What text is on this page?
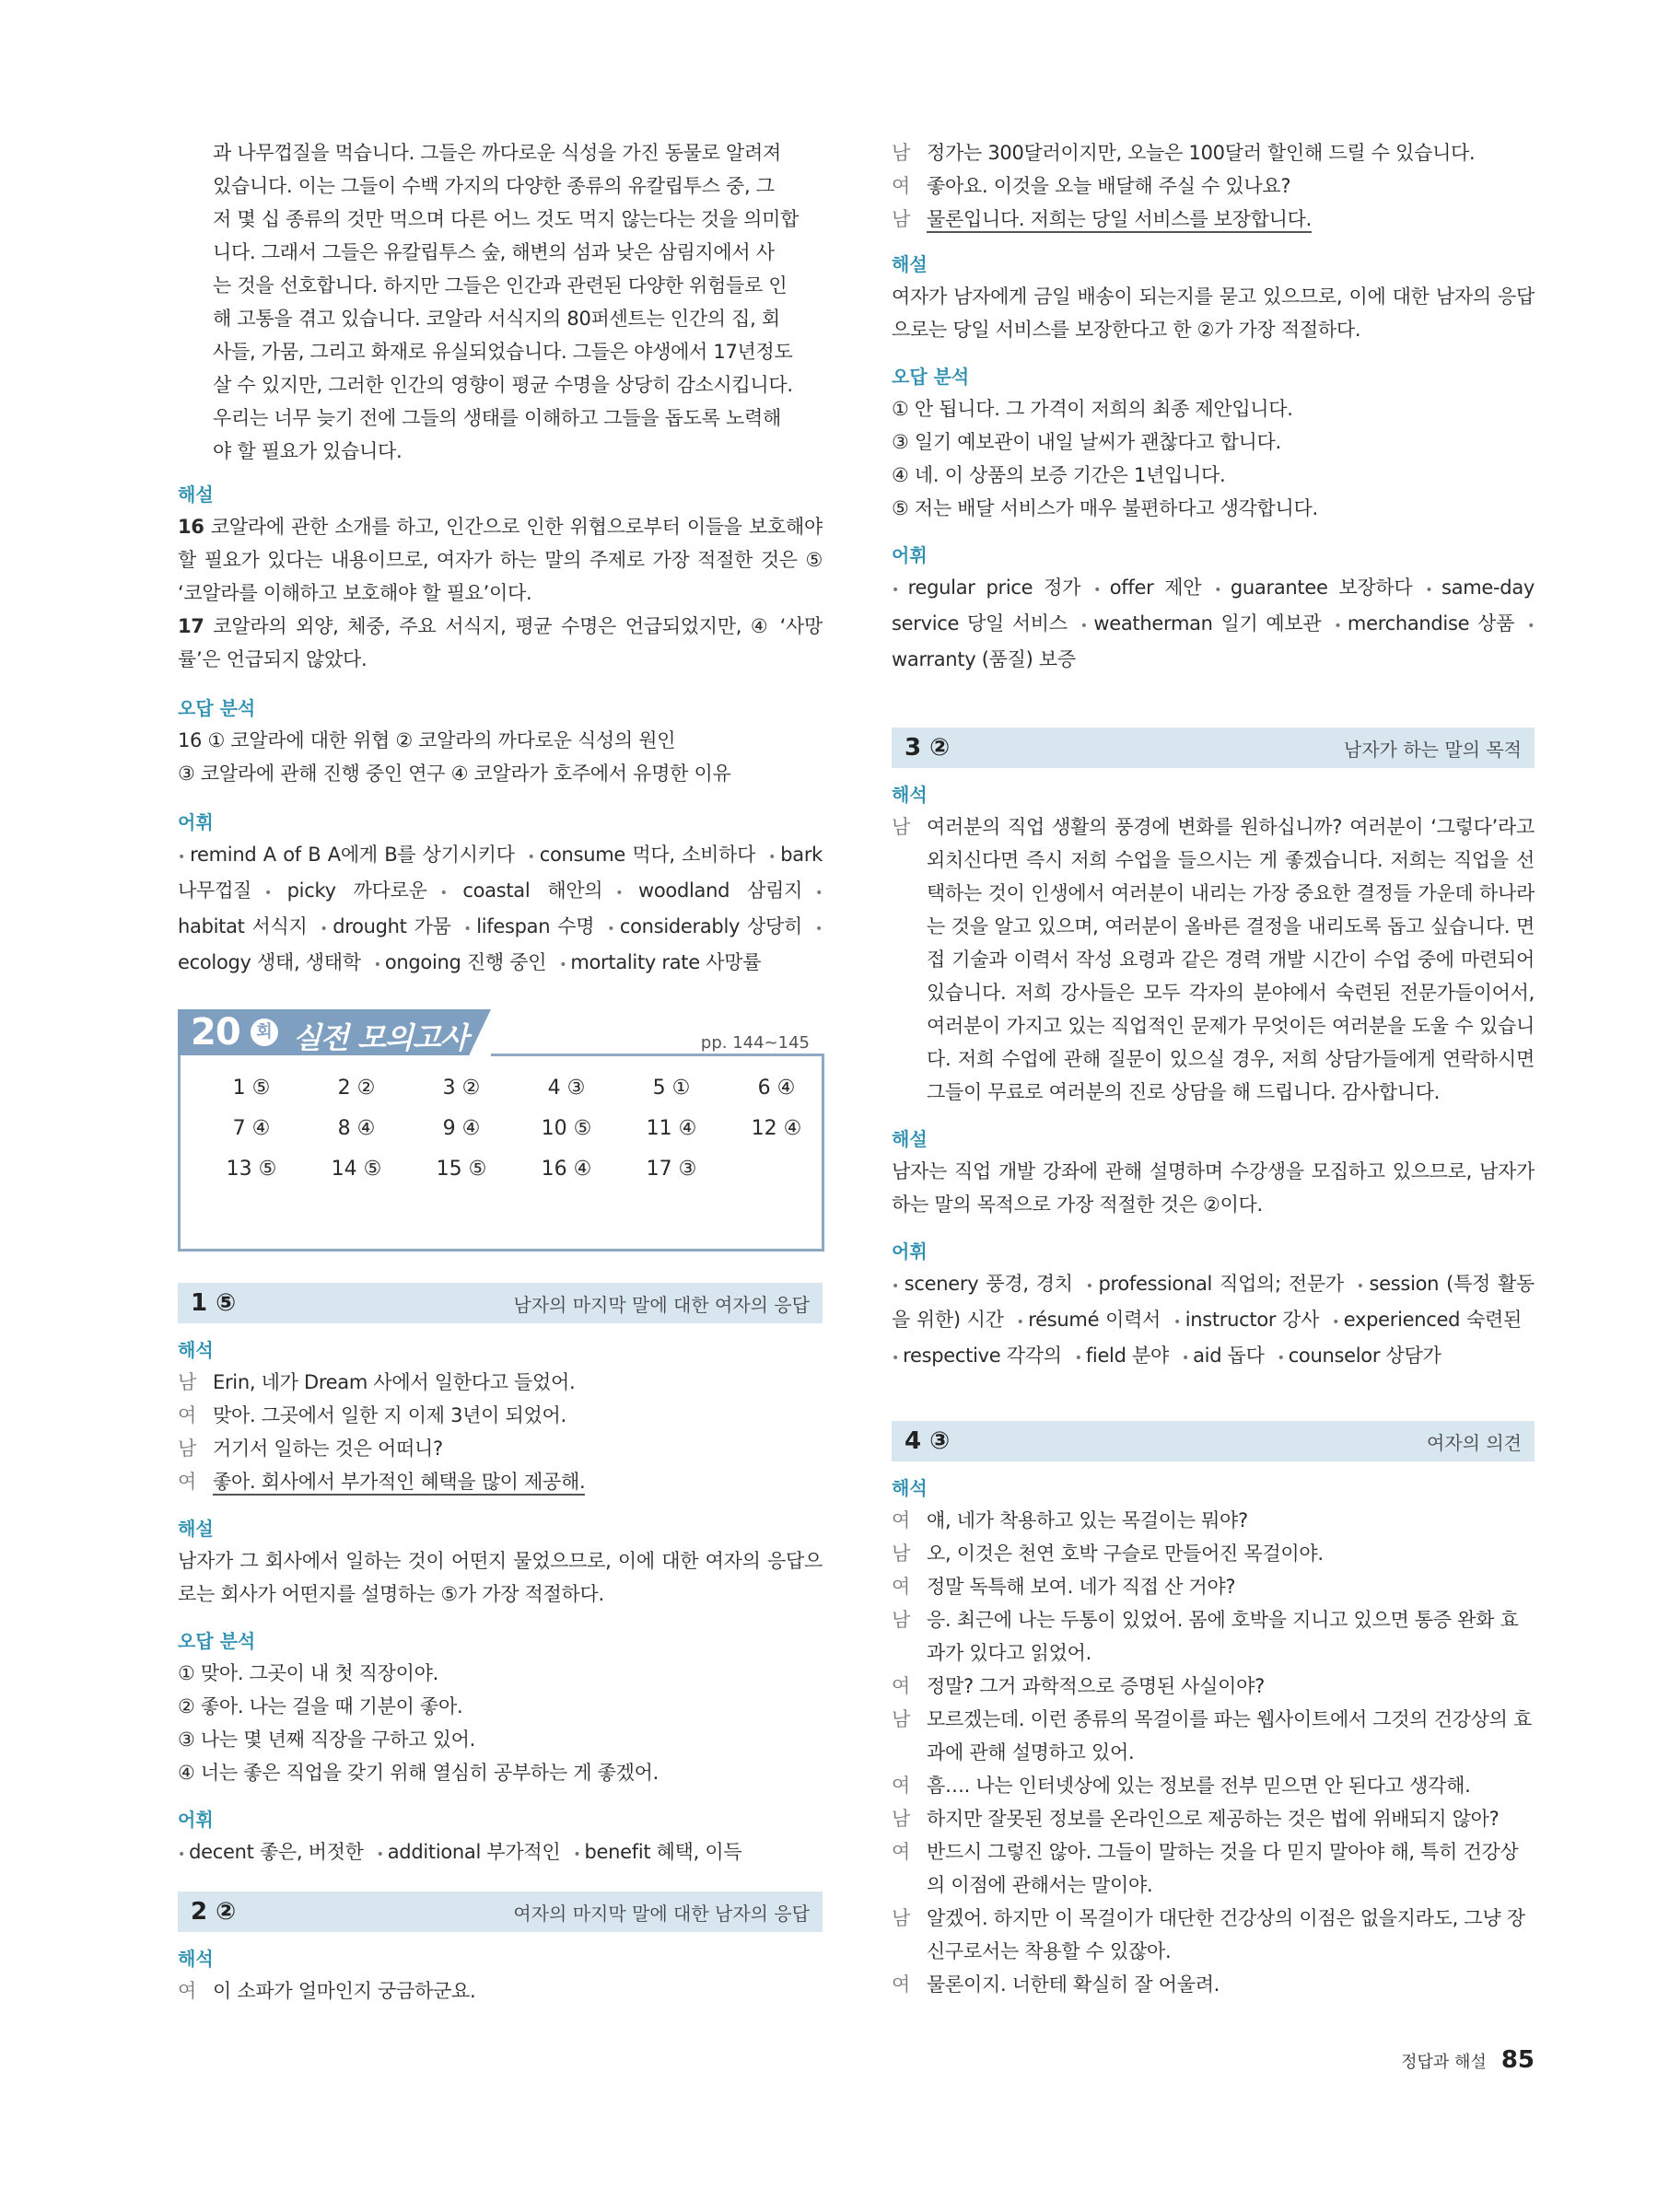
과 나무껍질을 먹습니다. 그들은 까다로운 식성을 가진 동물로 알려져

있습니다. 이는 그들이 수백 가지의 다양한 종류의 유칼립투스 중, 그

저 몇 십 종류의 것만 먹으며 다른 어느 것도 먹지 않는다는 것을 의미합

니다. 그래서 그들은 유칼립투스 숲, 해변의 섬과 낮은 삼림지에서 사

는 것을 선호합니다. 하지만 그들은 인간과 관련된 다양한 위험들로 인

해 고통을 겪고 있습니다. 코알라 서식지의 80퍼센트는 인간의 집, 회

사들, 가뭄, 그리고 화재로 유실되었습니다. 그들은 야생에서 17년정도

살 수 있지만, 그러한 인간의 영향이 평균 수명을 상당히 감소시킵니다.

우리는 너무 늦기 전에 그들의 생태를 이해하고 그들을 돕도록 노력해

야 할 필요가 있습니다.

해설

16 코알라에 관한 소개를 하고, 인간으로 인한 위협으로부터 이들을 보호해야 할 필요가 있다는 내용이므로, 여자가 하는 말의 주제로 가장 적절한 것은 ⑤ ‘코알라를 이해하고 보호해야 할 필요’이다.

17 코알라의 외양, 체중, 주요 서식지, 평균 수명은 언급되었지만, ④ ‘사망률’은 언급되지 않았다.

오답 분석

16 ① 코알라에 대한 위협 ② 코알라의 까다로운 식성의 원인

③ 코알라에 관해 진행 중인 연구 ④ 코알라가 호주에서 유명한 이유

어휘
• remind A of B A에게 B를 상기시키다 • consume 먹다, 소비하다 • bark 나무껍질 • picky 까다로운 • coastal 해안의 • woodland 삼림지• habitat 서식지 • drought 가뭄 • lifespan 수명 • considerably 상당히• ecology 생태, 생태학 • ongoing 진행 중인 • mortality rate 사망률
20 회 실전 모의고사	pp. 144~145
1 ⑤	2 ②	3 ②	4 ③	5 ①	6 ④
7 ④	8 ④	9 ④	10 ⑤	11 ④	12 ④
13 ⑤	14 ⑤	15 ⑤	16 ④	17 ③
1 ⑤	남자의 마지막 말에 대한 여자의 응답
해석
남 Erin, 네가 Dream 사에서 일한다고 들었어.
여 맞아. 그곳에서 일한 지 이제 3년이 되었어.
남 거기서 일하는 것은 어떠니?
여 좋아. 회사에서 부가적인 혜택을 많이 제공해.
해설

남자가 그 회사에서 일하는 것이 어떤지 물었으므로, 이에 대한 여자의 응답으로는 회사가 어떤지를 설명하는 ⑤가 가장 적절하다.

오답 분석

① 맞아. 그곳이 내 첫 직장이야.

② 좋아. 나는 걸을 때 기분이 좋아.

③ 나는 몇 년째 직장을 구하고 있어.

④ 너는 좋은 직업을 갖기 위해 열심히 공부하는 게 좋겠어.

어휘
• decent 좋은, 버젓한 • additional 부가적인 • benefit 혜택, 이득
2 ②	여자의 마지막 말에 대한 남자의 응답
해석
여 이 소파가 얼마인지 궁금하군요.
남 정가는 300달러이지만, 오늘은 100달러 할인해 드릴 수 있습니다.
여 좋아요. 이것을 오늘 배달해 주실 수 있나요?
남 물론입니다. 저희는 당일 서비스를 보장합니다.
해설

여자가 남자에게 금일 배송이 되는지를 묻고 있으므로, 이에 대한 남자의 응답으로는 당일 서비스를 보장한다고 한 ②가 가장 적절하다.

오답 분석

① 안 됩니다. 그 가격이 저희의 최종 제안입니다.

③ 일기 예보관이 내일 날씨가 괜찮다고 합니다.

④ 네. 이 상품의 보증 기간은 1년입니다.

⑤ 저는 배달 서비스가 매우 불편하다고 생각합니다.

어휘
• regular price 정가 • offer 제안 • guarantee 보장하다 • same-day service 당일 서비스 • weatherman 일기 예보관 • merchandise 상품• warranty (품질) 보증
3 ②	남자가 하는 말의 목적
해석
남 여러분의 직업 생활의 풍경에 변화를 원하십니까? 여러분이 ‘그렇다’라고 외치신다면 즉시 저희 수업을 들으시는 게 좋겠습니다. 저희는 직업을 선택하는 것이 인생에서 여러분이 내리는 가장 중요한 결정들 가운데 하나라는 것을 알고 있으며, 여러분이 올바른 결정을 내리도록 돕고 싶습니다. 면접 기술과 이력서 작성 요령과 같은 경력 개발 시간이 수업 중에 마련되어 있습니다. 저희 강사들은 모두 각자의 분야에서 숙련된 전문가들이어서, 여러분이 가지고 있는 직업적인 문제가 무엇이든 여러분을 도울 수 있습니다. 저희 수업에 관해 질문이 있으실 경우, 저희 상담가들에게 연락하시면 그들이 무료로 여러분의 진로 상담을 해 드립니다. 감사합니다.
해설

남자는 직업 개발 강좌에 관해 설명하며 수강생을 모집하고 있으므로, 남자가 하는 말의 목적으로 가장 적절한 것은 ②이다.

어휘
• scenery 풍경, 경치 • professional 직업의; 전문가 • session (특정 활동을 위한) 시간 • résumé 이력서 • instructor 강사 • experienced 숙련된• respective 각각의 • field 분야 • aid 돕다 • counselor 상담가
4 ③	여자의 의견
해석
여 얘, 네가 착용하고 있는 목걸이는 뭐야?
남 오, 이것은 천연 호박 구슬로 만들어진 목걸이야.
여 정말 독특해 보여. 네가 직접 산 거야?
남 응. 최근에 나는 두통이 있었어. 몸에 호박을 지니고 있으면 통증 완화 효과가 있다고 읽었어.
여 정말? 그거 과학적으로 증명된 사실이야?
남 모르겠는데. 이런 종류의 목걸이를 파는 웹사이트에서 그것의 건강상의 효과에 관해 설명하고 있어.
여 흠…. 나는 인터넷상에 있는 정보를 전부 믿으면 안 된다고 생각해.
남 하지만 잘못된 정보를 온라인으로 제공하는 것은 법에 위배되지 않아?
여 반드시 그렇진 않아. 그들이 말하는 것을 다 믿지 말아야 해, 특히 건강상의 이점에 관해서는 말이야.
남 알겠어. 하지만 이 목걸이가 대단한 건강상의 이점은 없을지라도, 그냥 장신구로서는 착용할 수 있잖아.
여 물론이지. 너한테 확실히 잘 어울려.
정답과 해설 85
